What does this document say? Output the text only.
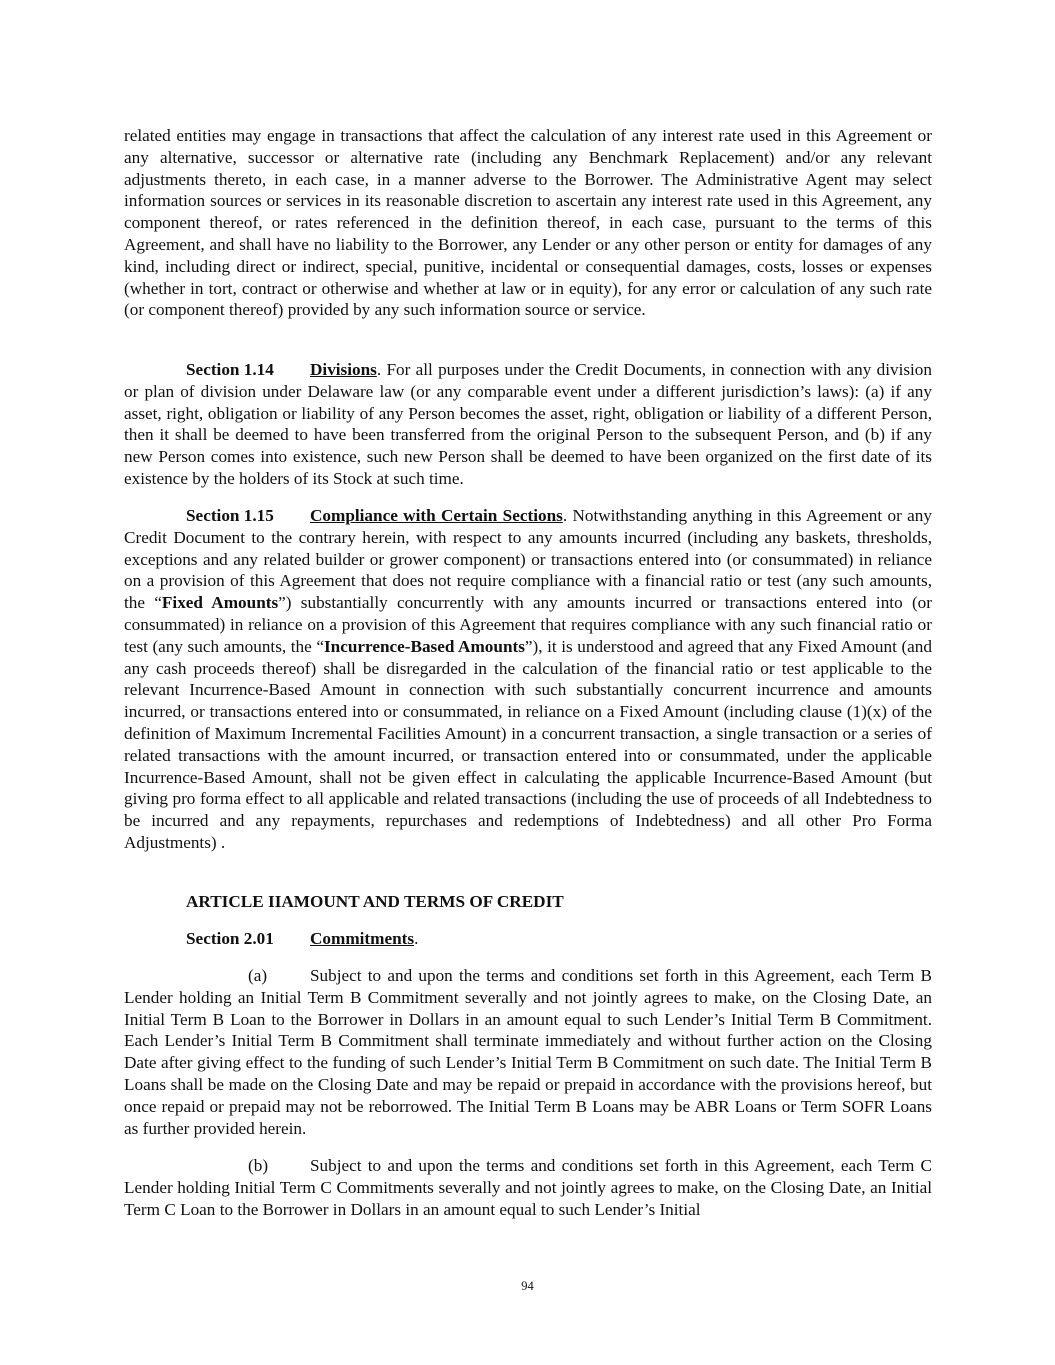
related entities may engage in transactions that affect the calculation of any interest rate used in this Agreement or any alternative, successor or alternative rate (including any Benchmark Replacement) and/or any relevant adjustments thereto, in each case, in a manner adverse to the Borrower. The Administrative Agent may select information sources or services in its reasonable discretion to ascertain any interest rate used in this Agreement, any component thereof, or rates referenced in the definition thereof, in each case, pursuant to the terms of this Agreement, and shall have no liability to the Borrower, any Lender or any other person or entity for damages of any kind, including direct or indirect, special, punitive, incidental or consequential damages, costs, losses or expenses (whether in tort, contract or otherwise and whether at law or in equity), for any error or calculation of any such rate (or component thereof) provided by any such information source or service.

Section 1.14 Divisions. For all purposes under the Credit Documents, in connection with any division or plan of division under Delaware law (or any comparable event under a different jurisdiction’s laws): (a) if any asset, right, obligation or liability of any Person becomes the asset, right, obligation or liability of a different Person, then it shall be deemed to have been transferred from the original Person to the subsequent Person, and (b) if any new Person comes into existence, such new Person shall be deemed to have been organized on the first date of its existence by the holders of its Stock at such time.

Section 1.15 Compliance with Certain Sections. Notwithstanding anything in this Agreement or any Credit Document to the contrary herein, with respect to any amounts incurred (including any baskets, thresholds, exceptions and any related builder or grower component) or transactions entered into (or consummated) in reliance on a provision of this Agreement that does not require compliance with a financial ratio or test (any such amounts, the “Fixed Amounts”) substantially concurrently with any amounts incurred or transactions entered into (or consummated) in reliance on a provision of this Agreement that requires compliance with any such financial ratio or test (any such amounts, the “Incurrence-Based Amounts”), it is understood and agreed that any Fixed Amount (and any cash proceeds thereof) shall be disregarded in the calculation of the financial ratio or test applicable to the relevant Incurrence-Based Amount in connection with such substantially concurrent incurrence and amounts incurred, or transactions entered into or consummated, in reliance on a Fixed Amount (including clause (1)(x) of the definition of Maximum Incremental Facilities Amount) in a concurrent transaction, a single transaction or a series of related transactions with the amount incurred, or transaction entered into or consummated, under the applicable Incurrence-Based Amount, shall not be given effect in calculating the applicable Incurrence-Based Amount (but giving pro forma effect to all applicable and related transactions (including the use of proceeds of all Indebtedness to be incurred and any repayments, repurchases and redemptions of Indebtedness) and all other Pro Forma Adjustments) .

ARTICLE IIAMOUNT AND TERMS OF CREDIT

Section 2.01 Commitments.

(a) Subject to and upon the terms and conditions set forth in this Agreement, each Term B Lender holding an Initial Term B Commitment severally and not jointly agrees to make, on the Closing Date, an Initial Term B Loan to the Borrower in Dollars in an amount equal to such Lender’s Initial Term B Commitment. Each Lender’s Initial Term B Commitment shall terminate immediately and without further action on the Closing Date after giving effect to the funding of such Lender’s Initial Term B Commitment on such date. The Initial Term B Loans shall be made on the Closing Date and may be repaid or prepaid in accordance with the provisions hereof, but once repaid or prepaid may not be reborrowed. The Initial Term B Loans may be ABR Loans or Term SOFR Loans as further provided herein.

(b) Subject to and upon the terms and conditions set forth in this Agreement, each Term C Lender holding Initial Term C Commitments severally and not jointly agrees to make, on the Closing Date, an Initial Term C Loan to the Borrower in Dollars in an amount equal to such Lender’s Initial

94
